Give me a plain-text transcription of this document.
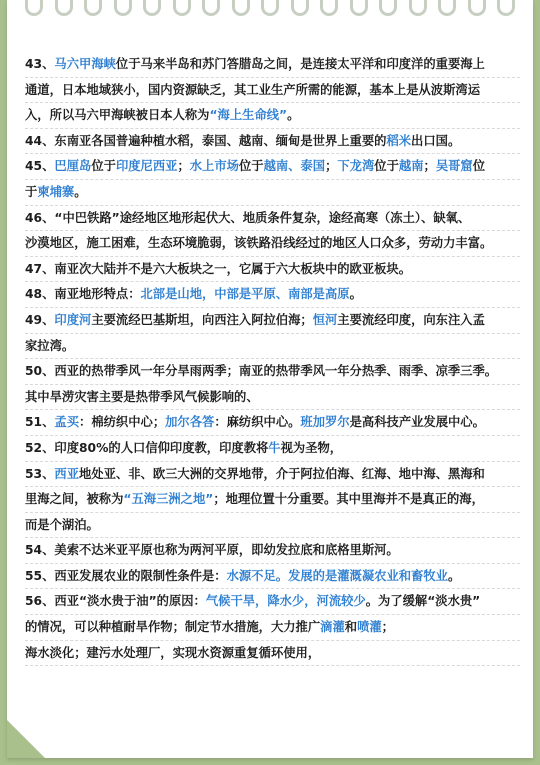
43、马六甲海峡位于马来半岛和苏门答腊岛之间，是连接太平洋和印度洋的重要海上
通道，日本地域狭小，国内资源缺乏，其工业生产所需的能源，基本上是从波斯湾运
入，所以马六甲海峡被日本人称为“海上生命线”。
44、东南亚各国普遍种植水稻，泰国、越南、缅甸是世界上重要的稻米出口国。
45、巴厘岛位于印度尼西亚；水上市场位于越南、泰国；下龙湾位于越南；吴哥窟位
于柬埔寨。
46、“中巴铁路”途经地区地形起伏大、地质条件复杂，途经高寒（冻土）、缺氧、
沙漠地区，施工困难，生态环境脆弱，该铁路沿线经过的地区人口众多，劳动力丰富。
47、南亚次大陆并不是六大板块之一，它属于六大板块中的欧亚板块。
48、南亚地形特点：北部是山地，中部是平原、南部是高原。
49、印度河主要流经巴基斯坦，向西注入阿拉伯海；恒河主要流经印度，向东注入孟
家拉湾。
50、西亚的热带季风一年分旱雨两季；南亚的热带季风一年分热季、雨季、凉季三季。
其中旱涝灾害主要是热带季风气候影响的、
51、孟买：棉纺织中心；加尔各答：麻纺织中心。班加罗尔是高科技产业发展中心。
52、印度80%的人口信仰印度教，印度教将牛视为圣物，
53、西亚地处亚、非、欧三大洲的交界地带，介于阿拉伯海、红海、地中海、黑海和
里海之间，被称为“五海三洲之地”；地理位置十分重要。其中里海并不是真正的海，
而是个湖泊。
54、美索不达米亚平原也称为两河平原，即幼发拉底和底格里斯河。
55、西亚发展农业的限制性条件是：水源不足。发展的是灌溉凝农业和畜牧业。
56、西亚“淡水贵于油”的原因：气候干旱，降水少，河流较少。为了缓解“淡水贵”
的情况，可以种植耐旱作物；制定节水措施，大力推广滴灌和喷灌；
海水淡化；建污水处理厂，实现水资源重复循环使用，
